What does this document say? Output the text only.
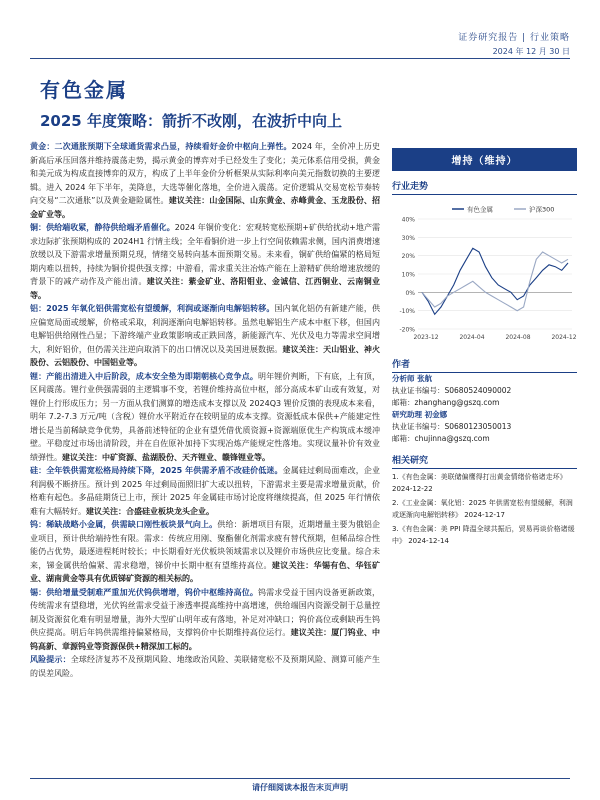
证券研究报告 | 行业策略
2024 年 12 月 30 日
有色金属
2025 年度策略：箭折不改刚，在波折中向上

黄金：二次通胀预期下全球通货需求凸显，持续看好金价中枢向上弹性。2024 年，全价冲上历史新高后承压回落并维持震荡走势，揭示黄金的博弈对手已经发生了变化；美元体系信用受损，黄金和美元成为构成直接博弈的双方，构成了上半年金价分析框架从实际利率向美元指数切换的主要逻辑。进入 2024 年下半年，美降息，大选等催化落地，全价进入震荡。定价逻辑从交易宽松节奏转向交易“二次通胀”以及黄金避险属性。建议关注：山金国际、山东黄金、赤峰黄金、玉龙股份、招金矿业等。

铜：供给端收紧，静待供给端矛盾催化。2024 年铜价变化：宏观转宽松预期+矿供给扰动+地产需求边际扩张预期构成的 2024H1 行情主线；全年看铜价进一步上行空间依赖需求侧，国内消费增速放缓以及下游需求增量预期兑现，情绪交易转向基本面预期交易。未来看，铜矿供给偏紧的格局短期内难以扭转，持续为铜价提供强支撑；中游看，需求重关注冶炼产能在上游精矿供给增速放缓的背景下的减产动作及产能出清。建议关注：紫金矿业、洛阳钼业、金诚信、江西铜业、云南铜业等。

铝：2025 年氧化铝供需宽松有望缓解，利润或逐渐向电解铝转移。国内氧化铝仍有新建产能，供应偏宽局面或缓解，价格或采取，利润逐渐向电解铝转移。虽然电解铝生产成本中枢下移，但国内电解铝供给刚性凸显；下游终端产业政策影响或正跌回落，新能源汽车、光伏及电力等需求空间增大，利好铝价，但仍需关注逆向取消下的出口情况以及美国进展数据。建议关注：天山铝业、神火股份、云铝股份、中国铝业等。

锂：产能出清进入中后阶段，成本安全垫为即期朝核心竞争点。明年锂价判断，下有底，上有顶，区间震荡。锂行业供强需弱的主逻辑事不变，若锂价维持高位中枢，部分高成本矿山或有效复，对锂价上行形成压力；另一方面从我们测算的增迭成本支撑以及 2024Q3 锂价反馈的表现成本来看，明年 7.2-7.3 万元/吨（含税）锂价水平附近存在较明显的成本支撑。资源低成本保供+产能建定性增长是当前稀缺竞争优势，具备前述特征的企业有望凭借优质资源+资源端原优生产构筑成本缓冲壁。平稳度过市场出清阶段，并在自佐原补加持下实现冶炼产能规定性落地。实现议量补价有效业绩弹性。建议关注：中矿资源、盐湖股份、天齐锂业、赣锋锂业等。

硅：全年铁供需宽松格局持续下降，2025 年供需矛盾不改硅价低迷。金属硅过剩局面难改，企业利润极不断挤压。预计到 2025 年过剩局面照旧扩大或以扭转，下游需求主要是需求增量贡献，价格难有起色。多晶硅期货已上市，预计 2025 年金属硅市场讨论度将继续提高，但 2025 年行情依难有大幅转好。建议关注：合盛硅业板块龙头企业。

钨：稀缺战略小金属，供需缺口刚性板块景气向上。供给：新增项目有限，近期增量主要为俄铝企业项目，预计供给端持性有限。需求：传统应用刚、聚酯催化剂需求疲有替代预期，但稀品综合性能仍占优势，最逐进程耗时较长；中长期看好光伏板块领域需求以及锂价市场供应比变量。综合未来，锑金属供给偏紧、需求稳增，锑价中长期中枢有望维持高位。建议关注：华锡有色、华钰矿业、湖南黄金等具有优质锑矿资源的相关标的。

锡：供给增量受制难严重加光伏钨供增增，钨价中枢维持高位。钨需求受益于国内设备更新政策，传统需求有望稳增，光伏钨丝需求受益于渗透率提高维持中高增速，供给端国内资源受制于总量控制及资源贫化难有明显增量，海外大型矿山明年或有落地，补足对冲缺口；钨价高位或剩缺再生钨供应提高。明后年钨供需维持偏紧格局，支撑钨价中长期维持高位运行。建议关注：厦门钨业、中钨高新、章源钨业等资源保供+精深加工标的。

风险提示：全球经济复苏不及预期风险、地缘政治风险、美联储宽松不及预期风险、测算可能产生的误差风险。

增持（维持）
行业走势
-20%
-10%
0%
10%
20%
30%
40%
2023-12	2024-04	2024-08	2024-12
有色金属	沪深300
作者
分析师 张航
执业证书编号：S0680524090002
邮箱：zhanghang@gszq.com
研究助理 初金娜
执业证书编号：S0680123050013
邮箱：chujinna@gszq.com
相关研究
1.《有色金属：美联储偏鹰得打出黄金情绪价格诸走坏》 2024-12-22
2.《工业金属：氧化铝：2025 年供需宽松有望缓解，利润或逐渐向电解铝转移》 2024-12-17
3.《有色金属：美 PPI 降温全球共振后，贸易再谈价格诸缓中》 2024-12-14
请仔细阅读本报告末页声明
